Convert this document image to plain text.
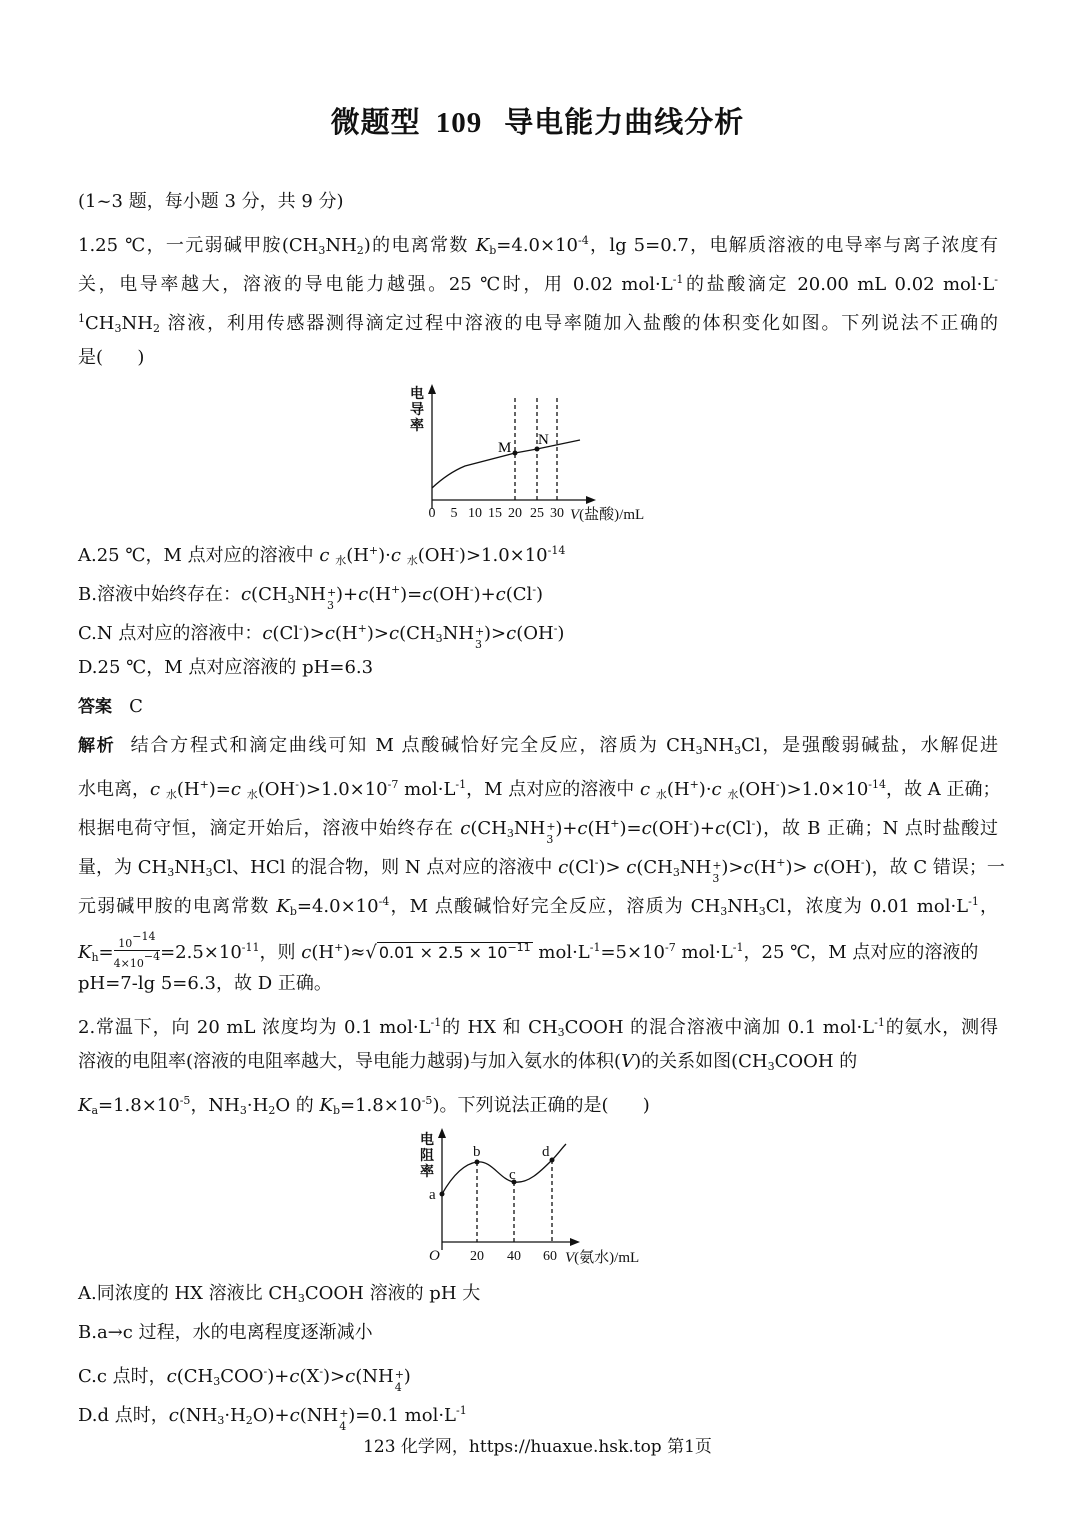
微题型 109 导电能力曲线分析
(1~3 题，每小题 3 分，共 9 分)
1.25 ℃，一元弱碱甲胺$(CH_3NH_2)$的电离常数 $K_b=4.0\times 10^{-4}$，lg 5=0.7，电解质溶液的电导率与离子浓度有
关，电导率越大，溶液的导电能力越强。25 ℃时，用 0.02 $mol\cdot L^{-1}$的盐酸滴定 20.00 mL 0.02 mol·L-
$^1CH_3NH_2$ 溶液，利用传感器测得滴定过程中溶液的电导率随加入盐酸的体积变化如图。下列说法不正确的
是(      )
M N
电
导
率
0 5 10 15 20 25 30 V(盐酸)/mL
A.25 ℃，M 点对应的溶液中 c $_水$(H+)·c $_水(OH^-)>1.0\times 10^{-14}$
B.溶液中始终存在：$c(CH_3NH$ +
3
)+c(H+)=c(OH-)+c(Cl-)
C.N 点对应的溶液中：$c(Cl^-)>c(H^+)>c(CH_3NH$ +
3
)>c(OH-)
D.25 ℃，M 点对应溶液的 pH=6.3
答案   C
解析  结合方程式和滴定曲线可知 M 点酸碱恰好完全反应，溶质为 $CH_3NH_3Cl$，是强酸弱碱盐，水解促进
水电离，c $_水$(H+)=c $_水(OH^-)>1.0\times 10^{-7}$ $mol\cdot L^{-1}$，M 点对应的溶液中 c $_水$(H+)·c $_水(OH^-)>1.0\times 10^{-14}$，故 A 正确；
根据电荷守恒，滴定开始后，溶液中始终存在 $c(CH_3NH$ +
3
)+c(H+)=c(OH-)+c(Cl-)，故 B 正确；N 点时盐酸过
量，为 $CH_3NH_3Cl$、HCl 的混合物，则 N 点对应的溶液中 $c(Cl^-)> c(CH_3NH$ +
3
)>c(H+)> c(OH-)，故 C 错误；一
元弱碱甲胺的电离常数 $K_b=4.0\times 10^{-4}$，M 点酸碱恰好完全反应，溶质为 $CH_3NH_3Cl$，浓度为 0.01 $mol\cdot L^{-1}$，
$K_h= \frac{10^{-14}}{4\times 10^{-4}}=2.5\times 10^{-11}$，则 c(H+)≈√ $0.01 \times 2.5 \times 10^{-11}$ $mol\cdot L^{-1}=5\times 10^{-7}$ $mol\cdot L^{-1}$，25 ℃，M 点对应的溶液的
pH=7-lg 5=6.3，故 D 正确。
2.常温下，向 20 mL 浓度均为 0.1 $mol\cdot L^{-1}$的 HX 和 $CH_3COOH$ 的混合溶液中滴加 0.1 $mol\cdot L^{-1}$的氨水，测得
溶液的电阻率(溶液的电阻率越大，导电能力越弱)与加入氨水的体积(V)的关系如图($CH_3COOH$ 的
$K_a=1.8\times 10^{-5}$，$NH_3\cdot H_2O$ 的 $K_b=1.8\times 10^{-5}$)。下列说法正确的是(      )
a
b
c
d
电
阻
率
O 20 40 60 V(氨水)/mL
A.同浓度的 HX 溶液比 $CH_3COOH$ 溶液的 pH 大
B.a→c 过程，水的电离程度逐渐减小
C.c 点时，$c(CH_3COO^-)+c(X^-)>c(NH$ +
4
)
D.d 点时，$c(NH_3\cdot H_2O)+c(NH$ +
4
)=0.1 $mol\cdot L^{-1}$
123 化学网，https://huaxue.hsk.top 第1页
